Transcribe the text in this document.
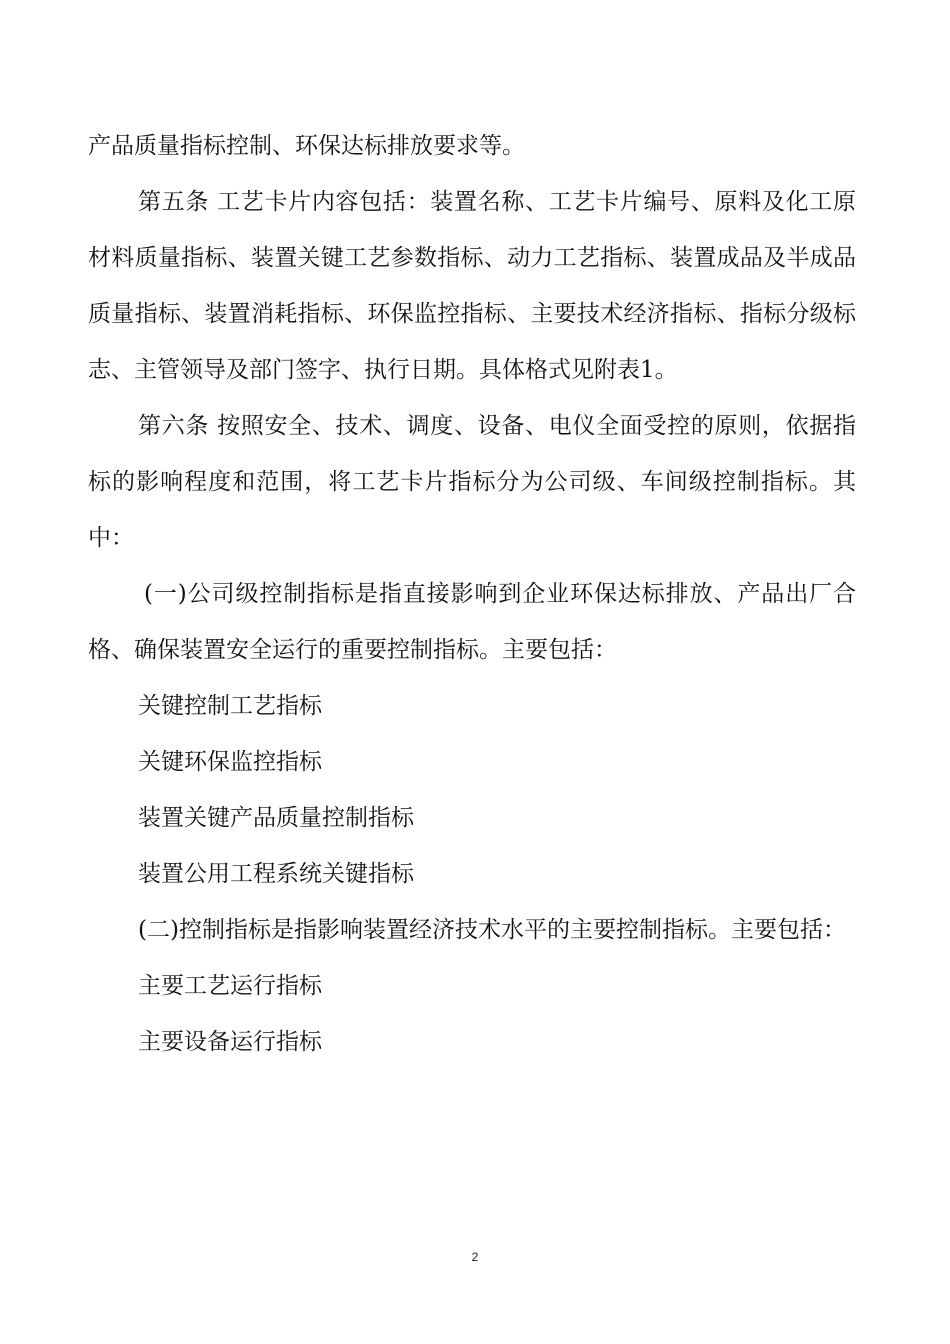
产品质量指标控制、环保达标排放要求等。

第五条 工艺卡片内容包括：装置名称、工艺卡片编号、原料及化工原材料质量指标、装置关键工艺参数指标、动力工艺指标、装置成品及半成品质量指标、装置消耗指标、环保监控指标、主要技术经济指标、指标分级标志、主管领导及部门签字、执行日期。具体格式见附表1。

第六条 按照安全、技术、调度、设备、电仪全面受控的原则，依据指标的影响程度和范围，将工艺卡片指标分为公司级、车间级控制指标。其中：

(一)公司级控制指标是指直接影响到企业环保达标排放、产品出厂合格、确保装置安全运行的重要控制指标。主要包括：

关键控制工艺指标

关键环保监控指标

装置关键产品质量控制指标

装置公用工程系统关键指标

(二)控制指标是指影响装置经济技术水平的主要控制指标。主要包括：

主要工艺运行指标

主要设备运行指标

2
